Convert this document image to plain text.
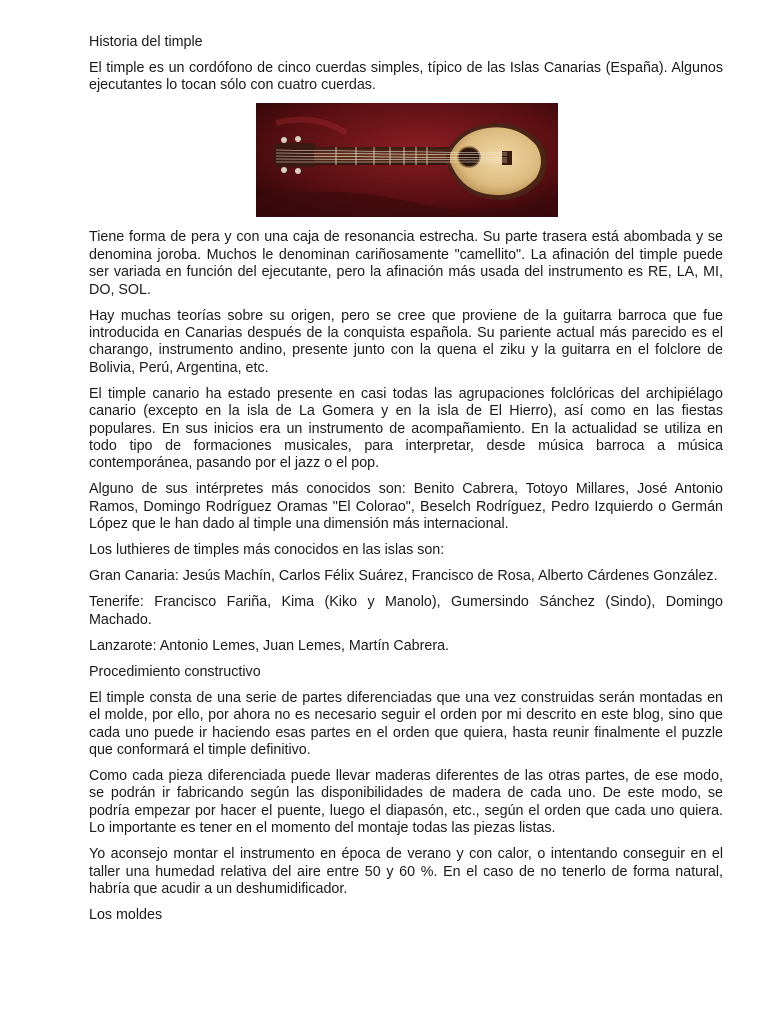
Historia del timple

El timple es un cordófono de cinco cuerdas simples, típico de las Islas Canarias (España). Algunos ejecutantes lo tocan sólo con cuatro cuerdas.

Tiene forma de pera y con una caja de resonancia estrecha. Su parte trasera está abombada y se denomina joroba. Muchos le denominan cariñosamente "camellito". La afinación del timple puede ser variada en función del ejecutante, pero la afinación más usada del instrumento es RE, LA, MI, DO, SOL.

Hay muchas teorías sobre su origen, pero se cree que proviene de la guitarra barroca que fue introducida en Canarias después de la conquista española. Su pariente actual más parecido es el charango, instrumento andino, presente junto con la quena el ziku y la guitarra en el folclore de Bolivia, Perú, Argentina, etc.

El timple canario ha estado presente en casi todas las agrupaciones folclóricas del archipiélago canario (excepto en la isla de La Gomera y en la isla de El Hierro), así como en las fiestas populares. En sus inicios era un instrumento de acompañamiento. En la actualidad se utiliza en todo tipo de formaciones musicales, para interpretar, desde música barroca a música contemporánea, pasando por el jazz o el pop.

Alguno de sus intérpretes más conocidos son: Benito Cabrera, Totoyo Millares, José Antonio Ramos, Domingo Rodríguez Oramas "El Colorao", Beselch Rodríguez, Pedro Izquierdo o Germán López que le han dado al timple una dimensión más internacional.

Los luthieres de timples más conocidos en las islas son:

Gran Canaria: Jesús Machín, Carlos Félix Suárez, Francisco de Rosa, Alberto Cárdenes González.

Tenerife: Francisco Fariña, Kima (Kiko y Manolo), Gumersindo Sánchez (Sindo), Domingo Machado.

Lanzarote: Antonio Lemes, Juan Lemes, Martín Cabrera.

Procedimiento constructivo

El timple consta de una serie de partes diferenciadas que una vez construidas serán montadas en el molde, por ello, por ahora no es necesario seguir el orden por mi descrito en este blog, sino que cada uno puede ir haciendo esas partes en el orden que quiera, hasta reunir finalmente el puzzle que conformará el timple definitivo.

Como cada pieza diferenciada puede llevar maderas diferentes de las otras partes, de ese modo, se podrán ir fabricando según las disponibilidades de madera de cada uno. De este modo, se podría empezar por hacer el puente, luego el diapasón, etc., según el orden que cada uno quiera. Lo importante es tener en el momento del montaje todas las piezas listas.

Yo aconsejo montar el instrumento en época de verano y con calor, o intentando conseguir en el taller una humedad relativa del aire entre 50 y 60 %. En el caso de no tenerlo de forma natural, habría que acudir a un deshumidificador.

Los moldes
